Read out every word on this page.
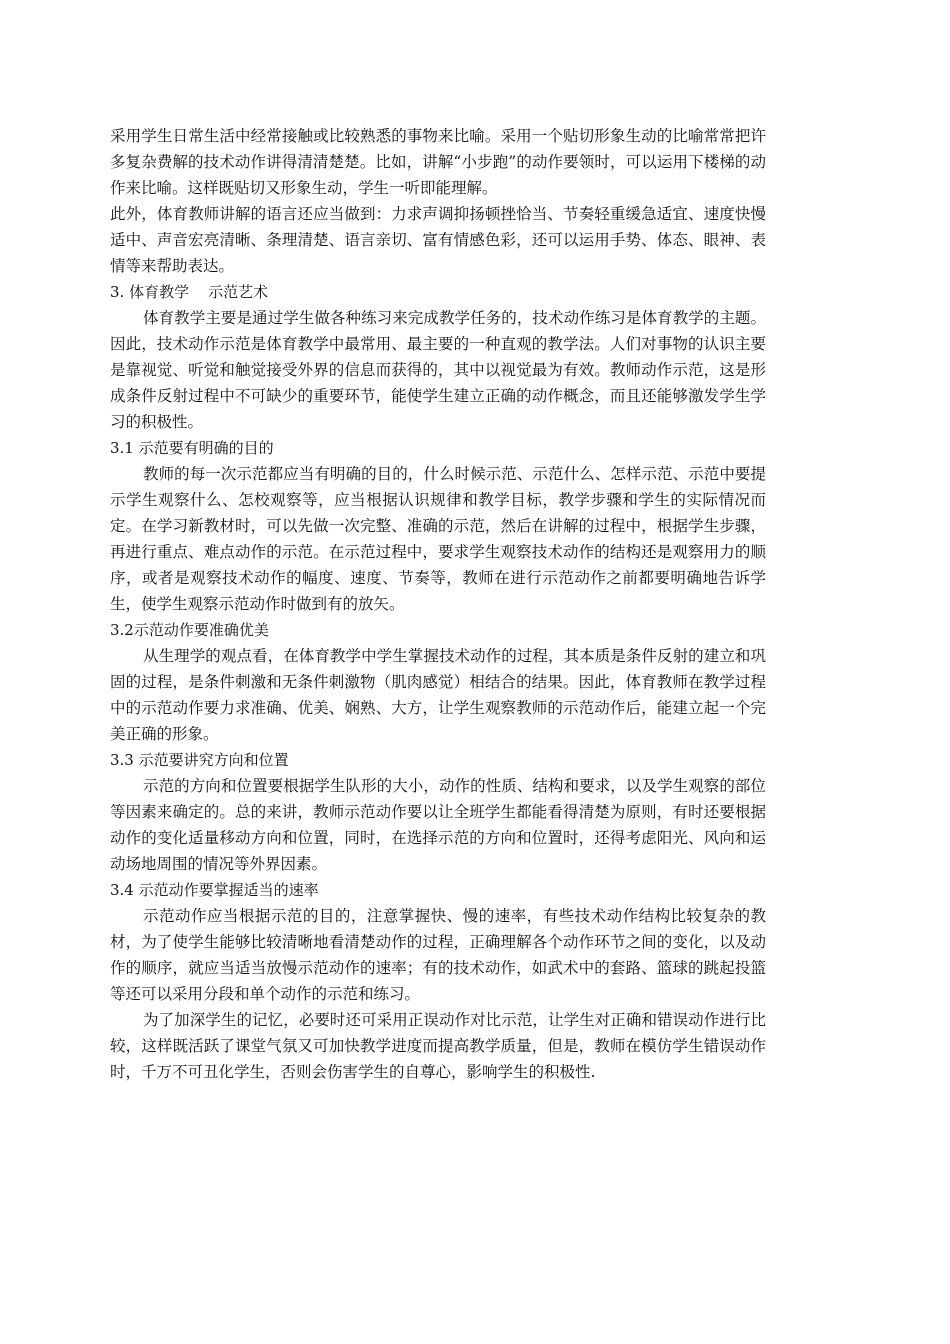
采用学生日常生活中经常接触或比较熟悉的事物来比喻。采用一个贴切形象生动的比喻常常把许多复杂费解的技术动作讲得清清楚楚。比如，讲解“小步跑”的动作要领时，可以运用下楼梯的动作来比喻。这样既贴切又形象生动，学生一听即能理解。

此外，体育教师讲解的语言还应当做到：力求声调抑扬顿挫恰当、节奏轻重缓急适宜、速度快慢适中、声音宏亮清晰、条理清楚、语言亲切、富有情感色彩，还可以运用手势、体态、眼神、表情等来帮助表达。

3. 体育教学    示范艺术

体育教学主要是通过学生做各种练习来完成教学任务的，技术动作练习是体育教学的主题。因此，技术动作示范是体育教学中最常用、最主要的一种直观的教学法。人们对事物的认识主要是靠视觉、听觉和触觉接受外界的信息而获得的，其中以视觉最为有效。教师动作示范，这是形成条件反射过程中不可缺少的重要环节，能使学生建立正确的动作概念，而且还能够激发学生学习的积极性。

3.1 示范要有明确的目的

教师的每一次示范都应当有明确的目的，什么时候示范、示范什么、怎样示范、示范中要提示学生观察什么、怎校观察等，应当根据认识规律和教学目标，教学步骤和学生的实际情况而定。在学习新教材时，可以先做一次完整、准确的示范，然后在讲解的过程中，根据学生步骤，再进行重点、难点动作的示范。在示范过程中，要求学生观察技术动作的结构还是观察用力的顺序，或者是观察技术动作的幅度、速度、节奏等，教师在进行示范动作之前都要明确地告诉学生，使学生观察示范动作时做到有的放矢。

3.2示范动作要准确优美

从生理学的观点看，在体育教学中学生掌握技术动作的过程，其本质是条件反射的建立和巩固的过程，是条件刺激和无条件刺激物（肌肉感觉）相结合的结果。因此，体育教师在教学过程中的示范动作要力求准确、优美、娴熟、大方，让学生观察教师的示范动作后，能建立起一个完美正确的形象。

3.3 示范要讲究方向和位置

示范的方向和位置要根据学生队形的大小，动作的性质、结构和要求，以及学生观察的部位等因素来确定的。总的来讲，教师示范动作要以让全班学生都能看得清楚为原则，有时还要根据动作的变化适量移动方向和位置，同时，在选择示范的方向和位置时，还得考虑阳光、风向和运动场地周围的情况等外界因素。

3.4 示范动作要掌握适当的速率

示范动作应当根据示范的目的，注意掌握快、慢的速率，有些技术动作结构比较复杂的教材，为了使学生能够比较清晰地看清楚动作的过程，正确理解各个动作环节之间的变化，以及动作的顺序，就应当适当放慢示范动作的速率；有的技术动作，如武术中的套路、篮球的跳起投篮等还可以采用分段和单个动作的示范和练习。

为了加深学生的记忆，必要时还可采用正误动作对比示范，让学生对正确和错误动作进行比较，这样既活跃了课堂气氛又可加快教学进度而提高教学质量，但是，教师在模仿学生错误动作时，千万不可丑化学生，否则会伤害学生的自尊心，影响学生的积极性.
